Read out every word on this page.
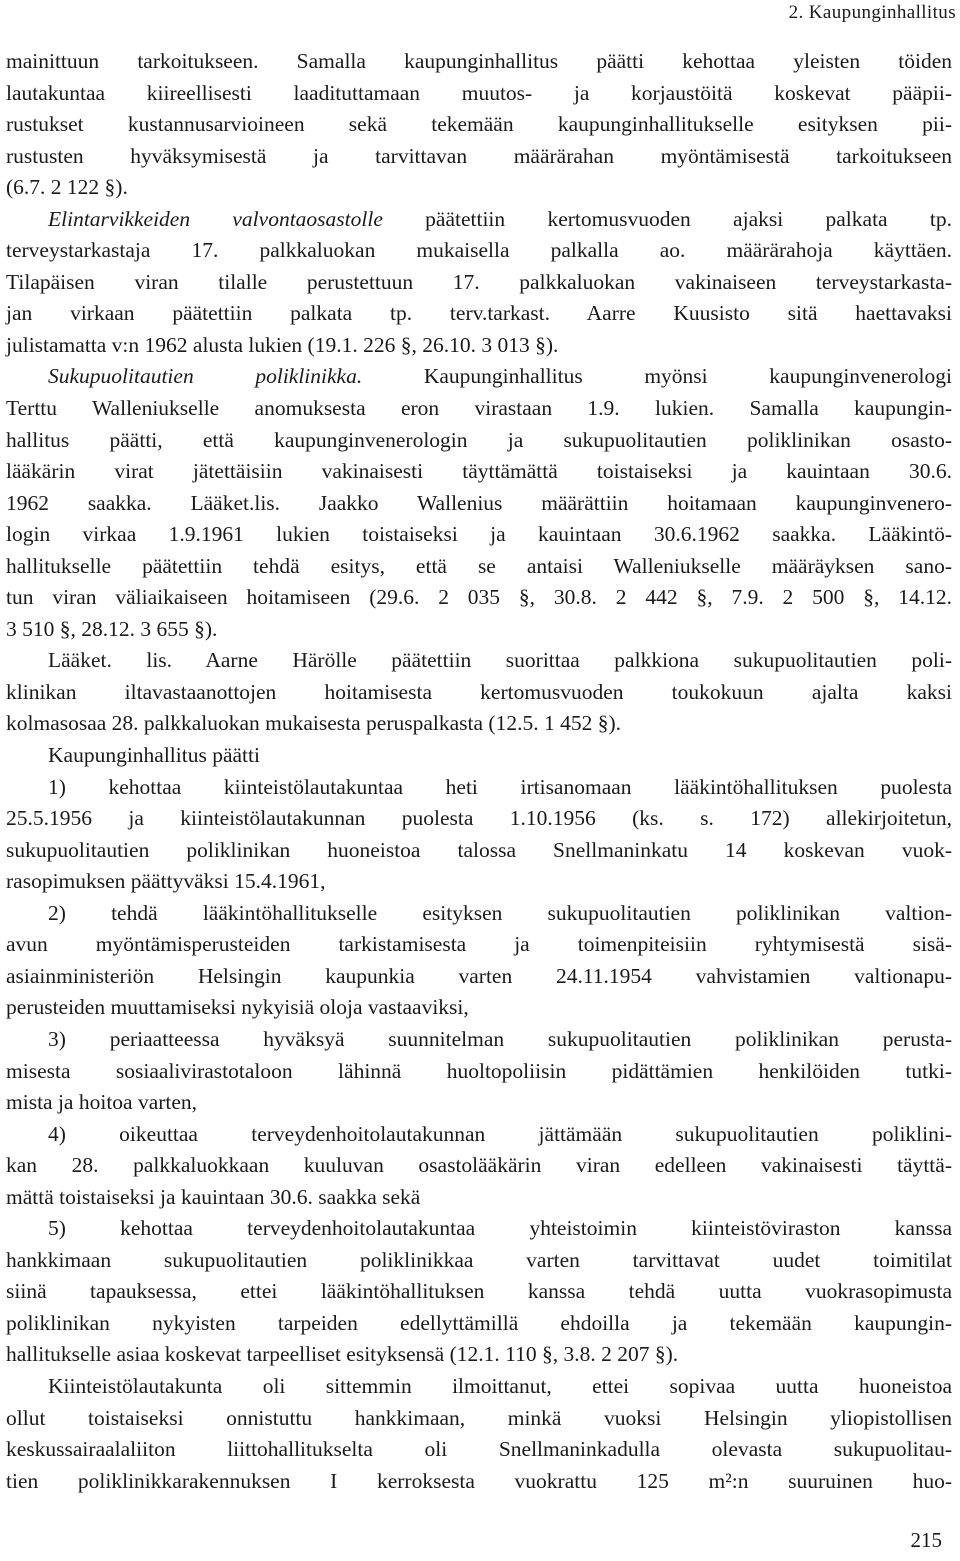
2. Kaupunginhallitus
mainittuun tarkoitukseen. Samalla kaupunginhallitus päätti kehottaa yleisten töiden
lautakuntaa kiireellisesti laadituttamaan muutos- ja korjaustöitä koskevat pääpii-
rustukset kustannusarvioineen sekä tekemään kaupunginhallitukselle esityksen pii-
rustusten hyväksymisestä ja tarvittavan määrärahan myöntämisestä tarkoitukseen
(6.7. 2 122 §).
Elintarvikkeiden valvontaosastolle päätettiin kertomusvuoden ajaksi palkata tp.
terveystarkastaja 17. palkkaluokan mukaisella palkalla ao. määrärahoja käyttäen.
Tilapäisen viran tilalle perustettuun 17. palkkaluokan vakinaiseen terveystarkasta-
jan virkaan päätettiin palkata tp. terv.tarkast. Aarre Kuusisto sitä haettavaksi
julistamatta v:n 1962 alusta lukien (19.1. 226 §, 26.10. 3 013 §).
Sukupuolitautien poliklinikka. Kaupunginhallitus myönsi kaupunginvenerologi
Terttu Walleniukselle anomuksesta eron virastaan 1.9. lukien. Samalla kaupungin-
hallitus päätti, että kaupunginvenerologin ja sukupuolitautien poliklinikan osasto-
lääkärin virat jätettäisiin vakinaisesti täyttämättä toistaiseksi ja kauintaan 30.6.
1962 saakka. Lääket.lis. Jaakko Wallenius määrättiin hoitamaan kaupunginvenero-
login virkaa 1.9.1961 lukien toistaiseksi ja kauintaan 30.6.1962 saakka. Lääkintö-
hallitukselle päätettiin tehdä esitys, että se antaisi Walleniukselle määräyksen sano-
tun viran väliaikaiseen hoitamiseen (29.6. 2 035 §, 30.8. 2 442 §, 7.9. 2 500 §, 14.12.
3 510 §, 28.12. 3 655 §).
Lääket. lis. Aarne Härölle päätettiin suorittaa palkkiona sukupuolitautien poli-
klinikan iltavastaanottojen hoitamisesta kertomusvuoden toukokuun ajalta kaksi
kolmasosaa 28. palkkaluokan mukaisesta peruspalkasta (12.5. 1 452 §).
Kaupunginhallitus päätti
1) kehottaa kiinteistölautakuntaa heti irtisanomaan lääkintöhallituksen puolesta
25.5.1956 ja kiinteistölautakunnan puolesta 1.10.1956 (ks. s. 172) allekirjoitetun,
sukupuolitautien poliklinikan huoneistoa talossa Snellmaninkatu 14 koskevan vuok-
rasopimuksen päättyväksi 15.4.1961,
2) tehdä lääkintöhallitukselle esityksen sukupuolitautien poliklinikan valtion-
avun myöntämisperusteiden tarkistamisesta ja toimenpiteisiin ryhtymisestä sisä-
asiainministeriön Helsingin kaupunkia varten 24.11.1954 vahvistamien valtionapu-
perusteiden muuttamiseksi nykyisiä oloja vastaaviksi,
3) periaatteessa hyväksyä suunnitelman sukupuolitautien poliklinikan perusta-
misesta sosiaalivirastotaloon lähinnä huoltopoliisin pidättämien henkilöiden tutki-
mista ja hoitoa varten,
4) oikeuttaa terveydenhoitolautakunnan jättämään sukupuolitautien poliklini-
kan 28. palkkaluokkaan kuuluvan osastolääkärin viran edelleen vakinaisesti täyttä-
mättä toistaiseksi ja kauintaan 30.6. saakka sekä
5) kehottaa terveydenhoitolautakuntaa yhteistoimin kiinteistöviraston kanssa
hankkimaan sukupuolitautien poliklinikkaa varten tarvittavat uudet toimitilat
siinä tapauksessa, ettei lääkintöhallituksen kanssa tehdä uutta vuokrasopimusta
poliklinikan nykyisten tarpeiden edellyttämillä ehdoilla ja tekemään kaupungin-
hallitukselle asiaa koskevat tarpeelliset esityksensä (12.1. 110 §, 3.8. 2 207 §).
Kiinteistölautakunta oli sittemmin ilmoittanut, ettei sopivaa uutta huoneistoa
ollut toistaiseksi onnistuttu hankkimaan, minkä vuoksi Helsingin yliopistollisen
keskussairaalaliiton liittohallitukselta oli Snellmaninkadulla olevasta sukupuolitau-
tien poliklinikkarakennuksen I kerroksesta vuokrattu 125 m²:n suuruinen huo-
215
